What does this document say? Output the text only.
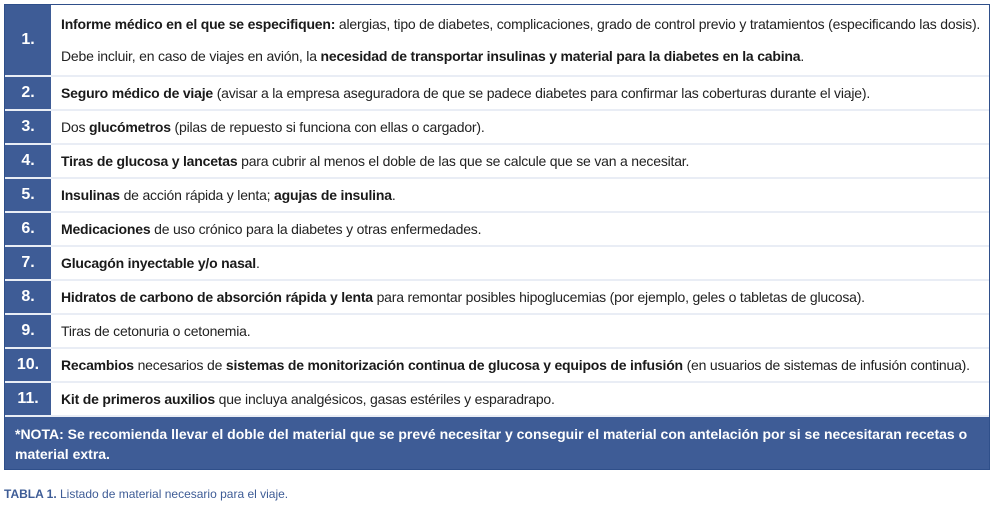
1.	Informe médico en el que se especifiquen: alergias, tipo de diabetes, complicaciones, grado de control previo y tratamientos (especificando las dosis).
Debe incluir, en caso de viajes en avión, la necesidad de transportar insulinas y material para la diabetes en la cabina.

2.	Seguro médico de viaje (avisar a la empresa aseguradora de que se padece diabetes para confirmar las coberturas durante el viaje).
3.	Dos glucómetros (pilas de repuesto si funciona con ellas o cargador).
4.	Tiras de glucosa y lancetas para cubrir al menos el doble de las que se calcule que se van a necesitar.
5.	Insulinas de acción rápida y lenta; agujas de insulina.
6.	Medicaciones de uso crónico para la diabetes y otras enfermedades.
7.	Glucagón inyectable y/o nasal.
8.	Hidratos de carbono de absorción rápida y lenta para remontar posibles hipoglucemias (por ejemplo, geles o tabletas de glucosa).
9.	Tiras de cetonuria o cetonemia.
10.	Recambios necesarios de sistemas de monitorización continua de glucosa y equipos de infusión (en usuarios de sistemas de infusión continua).
11.	Kit de primeros auxilios que incluya analgésicos, gasas estériles y esparadrapo.
*NOTA: Se recomienda llevar el doble del material que se prevé necesitar y conseguir el material con antelación por si se necesitaran recetas o material extra.	
TABLA 1. Listado de material necesario para el viaje.
